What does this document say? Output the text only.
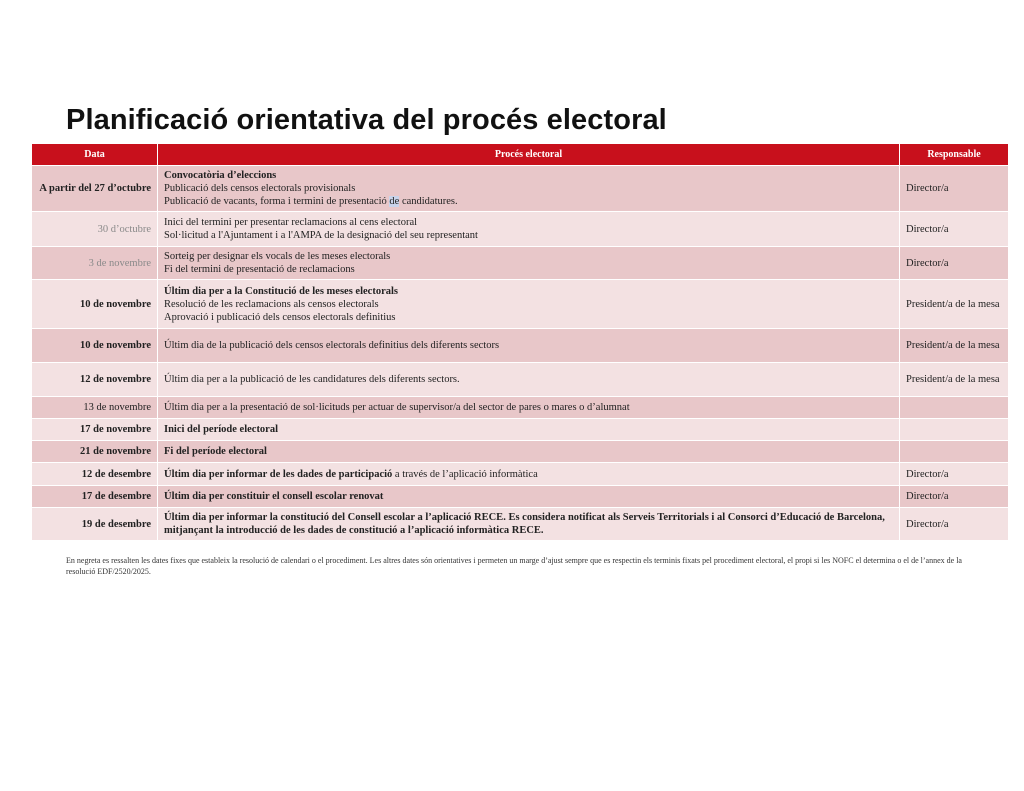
Planificació orientativa del procés electoral
Data	Procés electoral	Responsable
A partir del 27 d’octubre	Convocatòria d’eleccions
Publicació dels censos electorals provisionals
Publicació de vacants, forma i termini de presentació de candidatures.	Director/a
30 d’octubre	Inici del termini per presentar reclamacions al cens electoral
Sol·licitud a l'Ajuntament i a l'AMPA de la designació del seu representant	Director/a
3 de novembre	Sorteig per designar els vocals de les meses electorals
Fi del termini de presentació de reclamacions	Director/a
10 de novembre	Últim dia per a la Constitució de les meses electorals
Resolució de les reclamacions als censos electorals
Aprovació i publicació dels censos electorals definitius	President/a de la mesa
10 de novembre	Últim dia de la publicació dels censos electorals definitius dels diferents sectors	President/a de la mesa
12 de novembre	Últim dia per a la publicació de les candidatures dels diferents sectors.	President/a de la mesa
13 de novembre	Últim dia per a la presentació de sol·licituds per actuar de supervisor/a del sector de pares o mares o d’alumnat	

17 de novembre	Inici del període electoral	

21 de novembre	Fi del període electoral	

12 de desembre	Últim dia per informar de les dades de participació a través de l’aplicació informàtica	Director/a
17 de desembre	Últim dia per constituir el consell escolar renovat	Director/a
19 de desembre	Últim dia per informar la constitució del Consell escolar a l’aplicació RECE. Es considera notificat als Serveis Territorials i al Consorci d’Educació de Barcelona, mitjançant la introducció de les dades de constitució a l’aplicació informàtica RECE.	Director/a
En negreta es ressalten les dates fixes que estableix la resolució de calendari o el procediment. Les altres dates són orientatives i permeten un marge d’ajust sempre que es respectin els terminis fixats pel procediment electoral, el propi si les NOFC el determina o el de l’annex de la resolució EDF/2520/2025.
